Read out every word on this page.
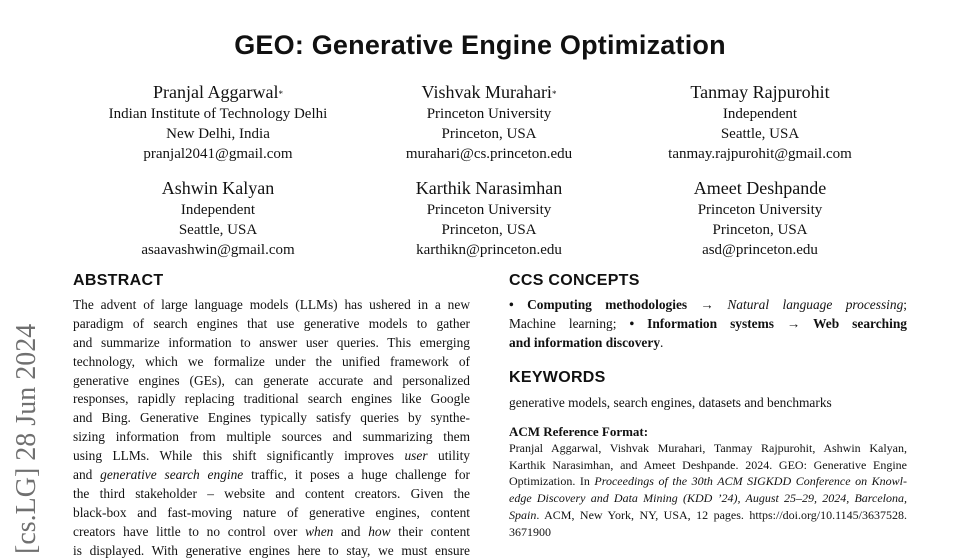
GEO: Generative Engine Optimization
Pranjal Aggarwal*
Indian Institute of Technology Delhi
New Delhi, India
pranjal2041@gmail.com
Vishvak Murahari*
Princeton University
Princeton, USA
murahari@cs.princeton.edu
Tanmay Rajpurohit
Independent
Seattle, USA
tanmay.rajpurohit@gmail.com
Ashwin Kalyan
Independent
Seattle, USA
asaavashwin@gmail.com
Karthik Narasimhan
Princeton University
Princeton, USA
karthikn@princeton.edu
Ameet Deshpande
Princeton University
Princeton, USA
asd@princeton.edu
[cs.LG] 28 Jun 2024
ABSTRACT
The advent of large language models (LLMs) has ushered in a new
paradigm of search engines that use generative models to gather
and summarize information to answer user queries. This emerging
technology, which we formalize under the unified framework of
generative engines (GEs), can generate accurate and personalized
responses, rapidly replacing traditional search engines like Google
and Bing. Generative Engines typically satisfy queries by synthe-
sizing information from multiple sources and summarizing them
using LLMs. While this shift significantly improves user utility
and generative search engine traffic, it poses a huge challenge for
the third stakeholder – website and content creators. Given the
black-box and fast-moving nature of generative engines, content
creators have little to no control over when and how their content
is displayed. With generative engines here to stay, we must ensure
CCS CONCEPTS
• Computing methodologies → Natural language processing;
Machine learning; • Information systems → Web searching
and information discovery.
KEYWORDS
generative models, search engines, datasets and benchmarks
ACM Reference Format:
Pranjal Aggarwal, Vishvak Murahari, Tanmay Rajpurohit, Ashwin Kalyan,
Karthik Narasimhan, and Ameet Deshpande. 2024. GEO: Generative Engine
Optimization. In Proceedings of the 30th ACM SIGKDD Conference on Knowl-
edge Discovery and Data Mining (KDD ’24), August 25–29, 2024, Barcelona,
Spain. ACM, New York, NY, USA, 12 pages. https://doi.org/10.1145/3637528.
3671900
